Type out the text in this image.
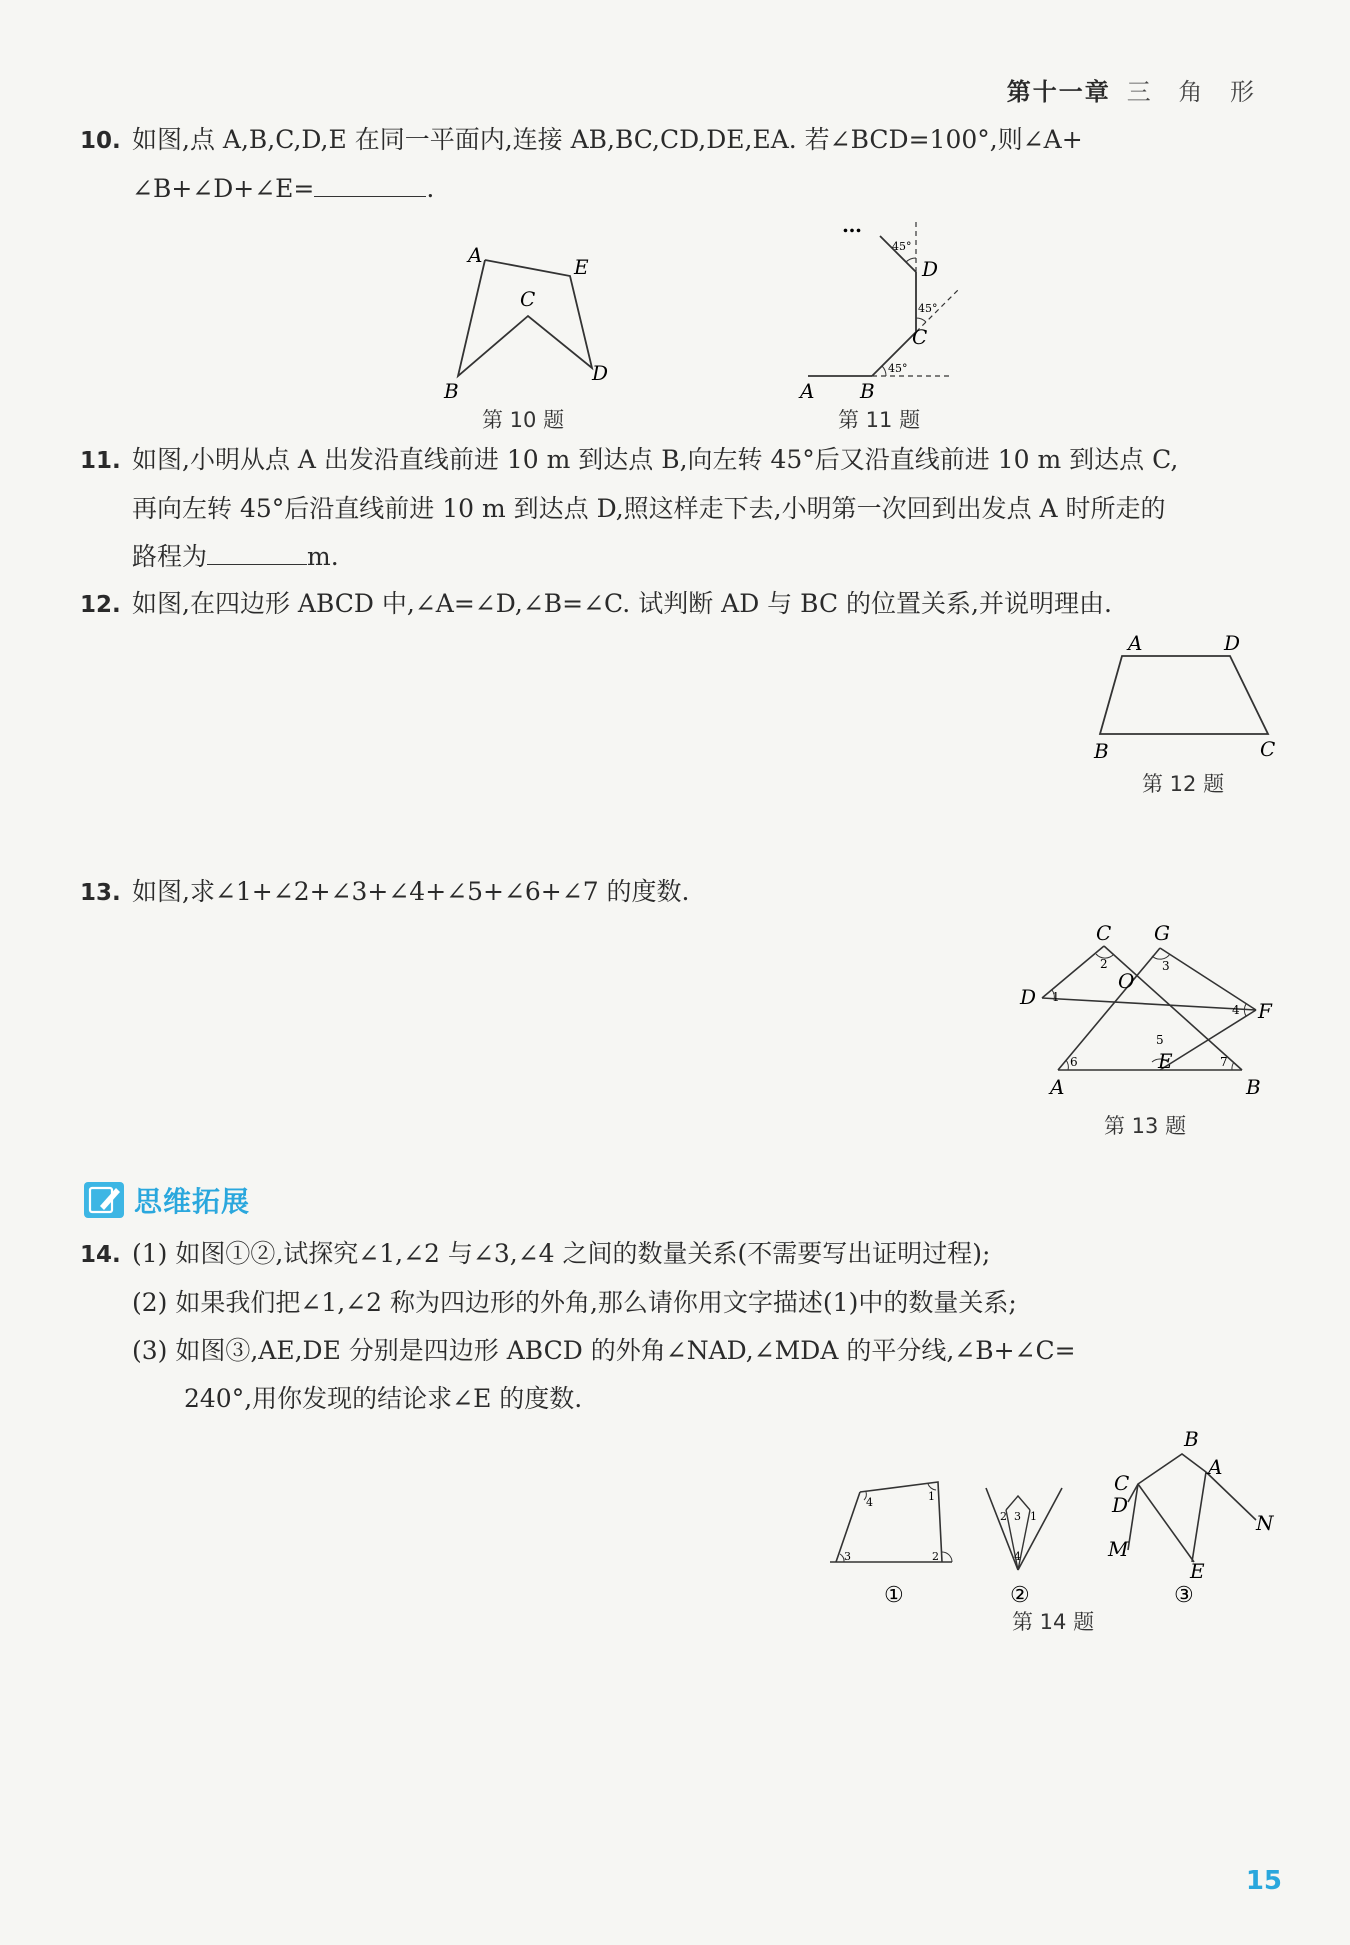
第十一章 三 角 形
10. 如图,点 A,B,C,D,E 在同一平面内,连接 AB,BC,CD,DE,EA. 若∠BCD=100°,则∠A+
∠B+∠D+∠E=	.
A	E
C
B
D
第 10 题
…
45°
45°
45°
D
C
A B
第 11 题
11. 如图,小明从点 A 出发沿直线前进 10 m 到达点 B,向左转 45°后又沿直线前进 10 m 到达点 C,
再向左转 45°后沿直线前进 10 m 到达点 D,照这样走下去,小明第一次回到出发点 A 时所走的
路程为	m.
12. 如图,在四边形 ABCD 中,∠A=∠D,∠B=∠C. 试判断 AD 与 BC 的位置关系,并说明理由.
A	D
B	C
第 12 题
13. 如图,求∠1+∠2+∠3+∠4+∠5+∠6+∠7 的度数.
C G
O
D
F
E
A	B
1
2	3
4
5
6	7
第 13 题
思维拓展
14. (1) 如图①②,试探究∠1,∠2 与∠3,∠4 之间的数量关系(不需要写出证明过程);
(2) 如果我们把∠1,∠2 称为四边形的外角,那么请你用文字描述(1)中的数量关系;
(3) 如图③,AE,DE 分别是四边形 ABCD 的外角∠NAD,∠MDA 的平分线,∠B+∠C=
240°,用你发现的结论求∠E 的度数.
4	1
3	2
2 3 1
4
B
A
C
D
N
M
E
①	②	③
第 14 题
15
